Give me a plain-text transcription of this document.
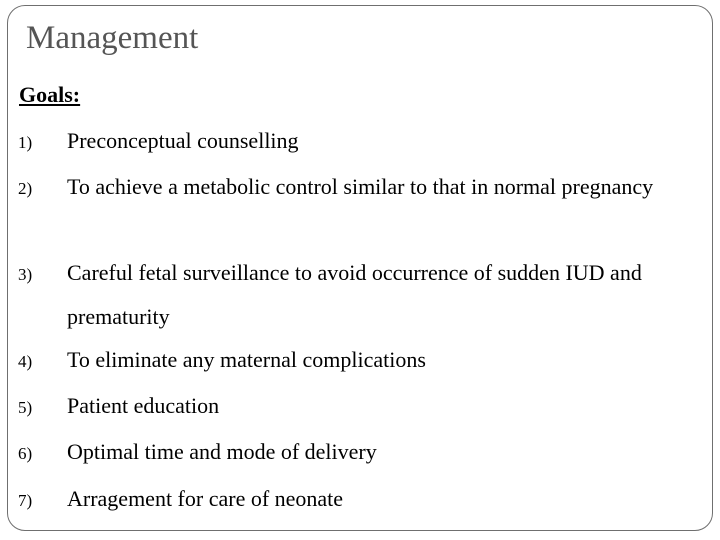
Management
Goals:
1) Preconceptual counselling
2) To achieve a metabolic control similar to that in normal pregnancy
3) Careful fetal surveillance to avoid occurrence of sudden IUD and prematurity
4) To eliminate any maternal complications
5) Patient education
6) Optimal time and mode of delivery
7) Arragement for care of neonate
